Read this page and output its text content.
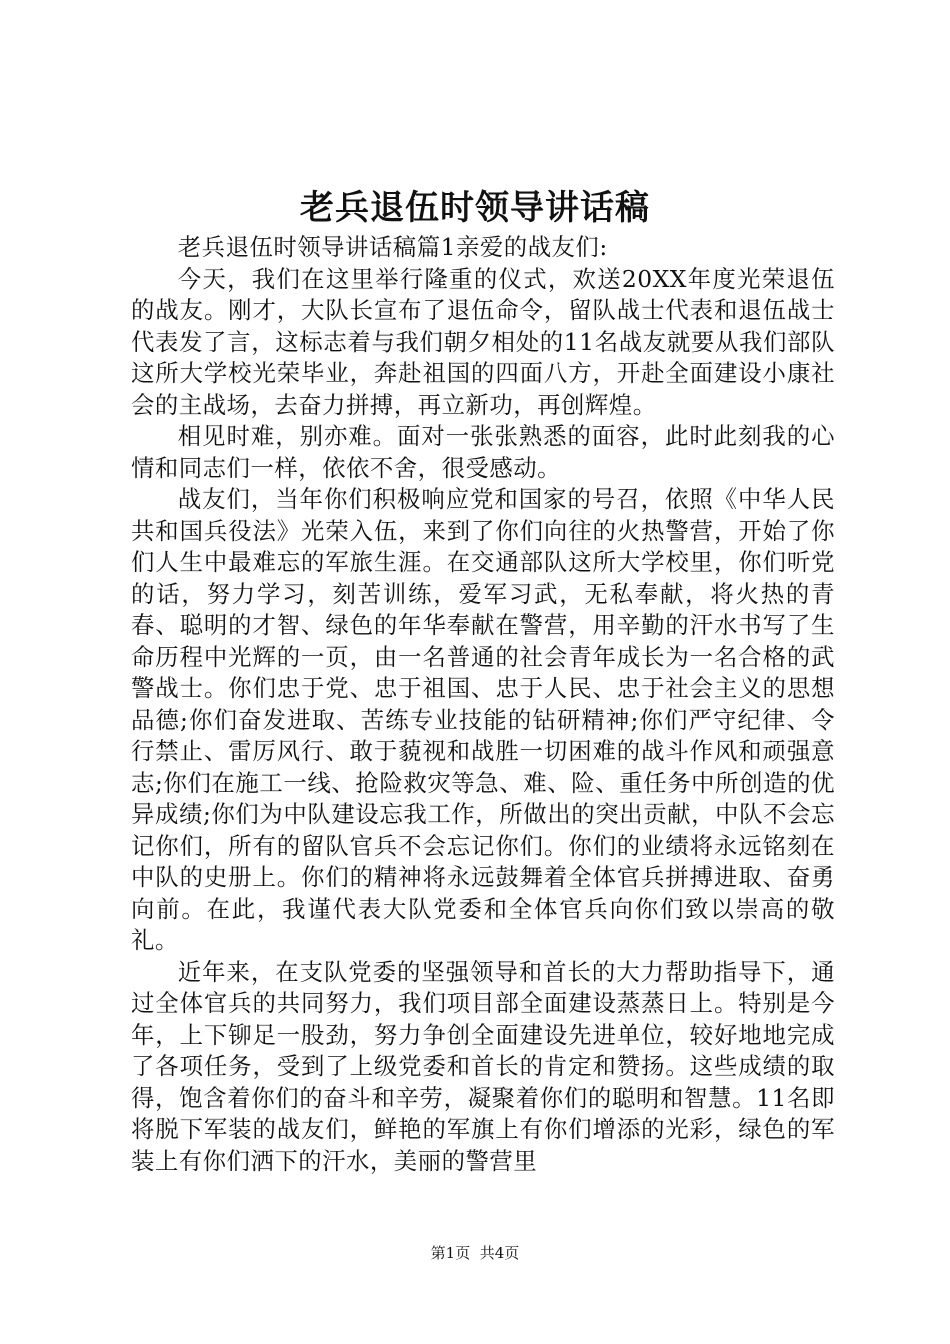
老兵退伍时领导讲话稿

老兵退伍时领导讲话稿篇1亲爱的战友们:

今天，我们在这里举行隆重的仪式，欢送20XX年度光荣退伍的战友。刚才，大队长宣布了退伍命令，留队战士代表和退伍战士代表发了言，这标志着与我们朝夕相处的11名战友就要从我们部队这所大学校光荣毕业，奔赴祖国的四面八方，开赴全面建设小康社会的主战场，去奋力拼搏，再立新功，再创辉煌。

相见时难，别亦难。面对一张张熟悉的面容，此时此刻我的心情和同志们一样，依依不舍，很受感动。

战友们，当年你们积极响应党和国家的号召，依照《中华人民共和国兵役法》光荣入伍，来到了你们向往的火热警营，开始了你们人生中最难忘的军旅生涯。在交通部队这所大学校里，你们听党的话，努力学习，刻苦训练，爱军习武，无私奉献，将火热的青春、聪明的才智、绿色的年华奉献在警营，用辛勤的汗水书写了生命历程中光辉的一页，由一名普通的社会青年成长为一名合格的武警战士。你们忠于党、忠于祖国、忠于人民、忠于社会主义的思想品德;你们奋发进取、苦练专业技能的钻研精神;你们严守纪律、令行禁止、雷厉风行、敢于藐视和战胜一切困难的战斗作风和顽强意志;你们在施工一线、抢险救灾等急、难、险、重任务中所创造的优异成绩;你们为中队建设忘我工作，所做出的突出贡献，中队不会忘记你们，所有的留队官兵不会忘记你们。你们的业绩将永远铭刻在中队的史册上。你们的精神将永远鼓舞着全体官兵拼搏进取、奋勇向前。在此，我谨代表大队党委和全体官兵向你们致以崇高的敬礼。

近年来，在支队党委的坚强领导和首长的大力帮助指导下，通过全体官兵的共同努力，我们项目部全面建设蒸蒸日上。特别是今年，上下铆足一股劲，努力争创全面建设先进单位，较好地地完成了各项任务，受到了上级党委和首长的肯定和赞扬。这些成绩的取得，饱含着你们的奋斗和辛劳，凝聚着你们的聪明和智慧。11名即将脱下军装的战友们，鲜艳的军旗上有你们增添的光彩，绿色的军装上有你们洒下的汗水，美丽的警营里

第1页 共4页
